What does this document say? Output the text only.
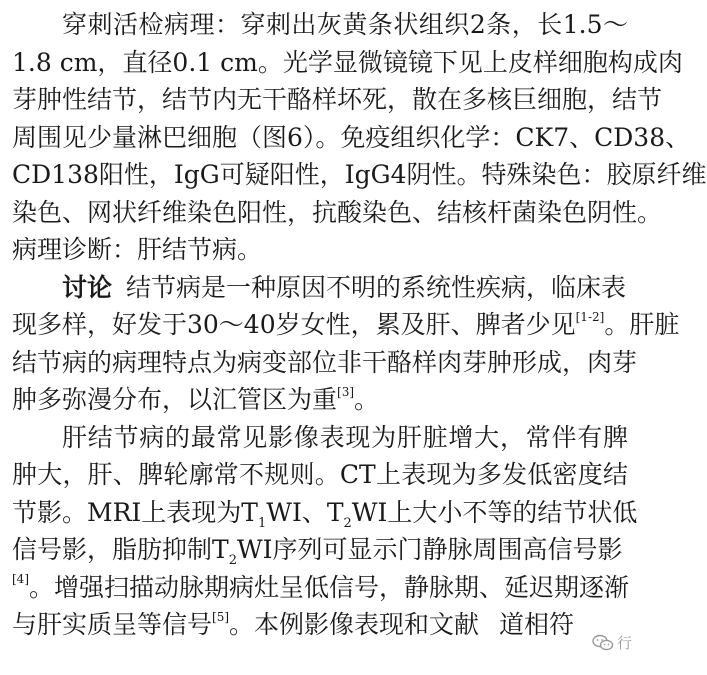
穿刺活检病理：穿刺出灰黄条状组织2条，长1.5～
1.8 cm，直径0.1 cm。光学显微镜镜下见上皮样细胞构成肉
芽肿性结节，结节内无干酪样坏死，散在多核巨细胞，结节
周围见少量淋巴细胞（图6）。免疫组织化学：CK7、CD38、
CD138阳性，IgG可疑阳性，IgG4阴性。特殊染色：胶原纤维
染色、网状纤维染色阳性，抗酸染色、结核杆菌染色阴性。
病理诊断：肝结节病。
讨论 结节病是一种原因不明的系统性疾病，临床表
现多样，好发于30～40岁女性，累及肝、脾者少见[1-2]。肝脏
结节病的病理特点为病变部位非干酪样肉芽肿形成，肉芽
肿多弥漫分布，以汇管区为重[3]。
肝结节病的最常见影像表现为肝脏增大，常伴有脾
肿大，肝、脾轮廓常不规则。CT上表现为多发低密度结
节影。MRI上表现为$T_1WI$、$T_2WI$上大小不等的结节状低
信号影，脂肪抑制$T_2WI$序列可显示门静脉周围高信号影
[4]。增强扫描动脉期病灶呈低信号，静脉期、延迟期逐渐
与肝实质呈等信号[5]。本例影像表现和文献 道相符
行
